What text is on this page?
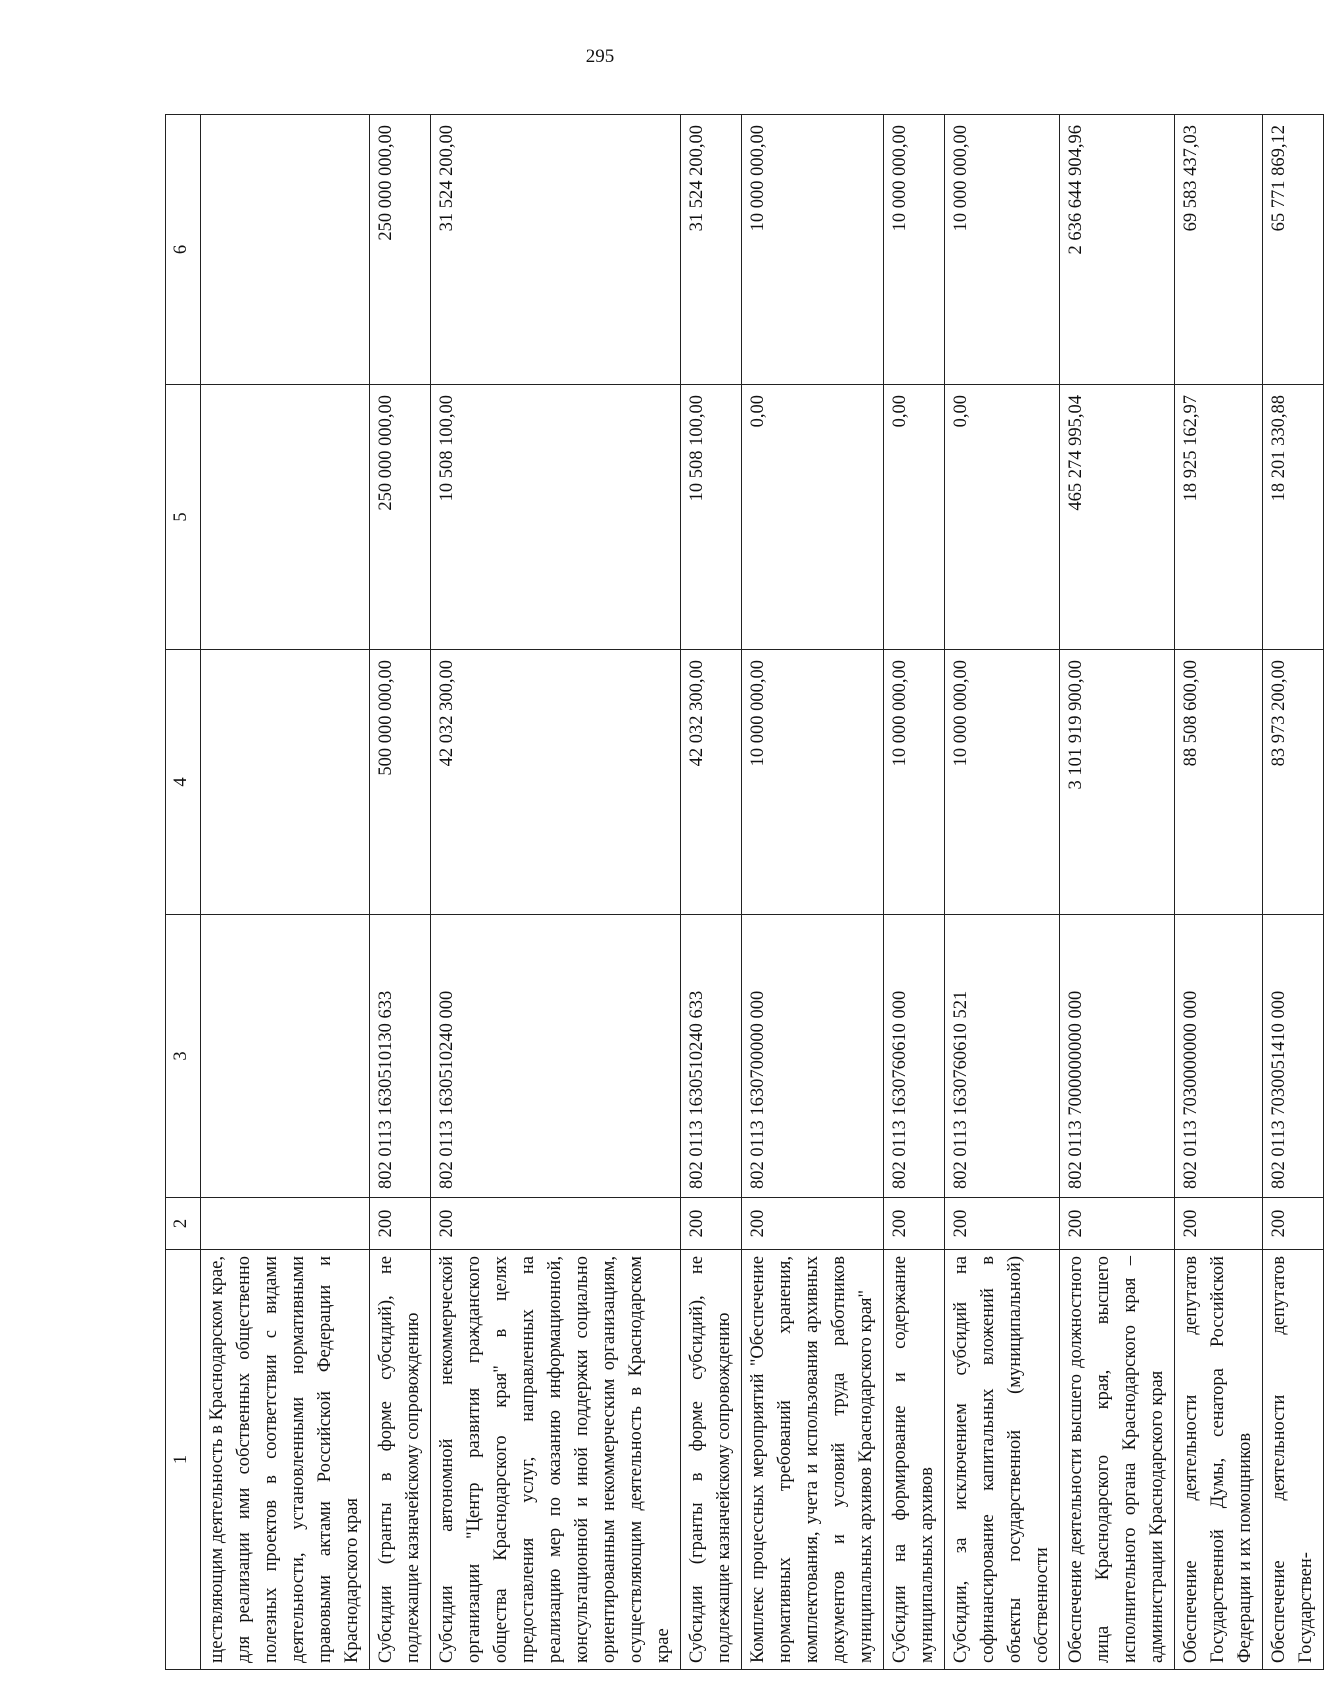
295
1	2	3	4	5	6
ществляющим деятельность в Краснодарском крае, для реализации ими собственных общественно полезных проектов в соответствии с видами деятельности, установленными нормативными правовыми актами Российской Федерации и Краснодарского края					
Субсидии (гранты в форме субсидий), не подлежащие казначейскому сопровождению	200	802 0113 1630510130 633	500 000 000,00	250 000 000,00	250 000 000,00
Субсидии автономной некоммерческой организации "Центр развития гражданского общества Краснодарского края" в целях предоставления услуг, направленных на реализацию мер по оказанию информационной, консультационной и иной поддержки социально ориентированным некоммерческим организациям, осуществляющим деятельность в Краснодарском крае	200	802 0113 1630510240 000	42 032 300,00	10 508 100,00	31 524 200,00
Субсидии (гранты в форме субсидий), не подлежащие казначейскому сопровождению	200	802 0113 1630510240 633	42 032 300,00	10 508 100,00	31 524 200,00
Комплекс процессных мероприятий "Обеспечение нормативных требований хранения, комплектования, учета и использования архивных документов и условий труда работников муниципальных архивов Краснодарского края"	200	802 0113 1630700000 000	10 000 000,00	0,00	10 000 000,00
Субсидии на формирование и содержание муниципальных архивов	200	802 0113 1630760610 000	10 000 000,00	0,00	10 000 000,00
Субсидии, за исключением субсидий на софинансирование капитальных вложений в объекты государственной (муниципальной) собственности	200	802 0113 1630760610 521	10 000 000,00	0,00	10 000 000,00
Обеспечение деятельности высшего должностного лица Краснодарского края, высшего исполнительного органа Краснодарского края – администрации Краснодарского края	200	802 0113 7000000000 000	3 101 919 900,00	465 274 995,04	2 636 644 904,96
Обеспечение деятельности депутатов Государственной Думы, сенатора Российской Федерации и их помощников	200	802 0113 7030000000 000	88 508 600,00	18 925 162,97	69 583 437,03
Обеспечение деятельности депутатов Государствен-	200	802 0113 7030051410 000	83 973 200,00	18 201 330,88	65 771 869,12
